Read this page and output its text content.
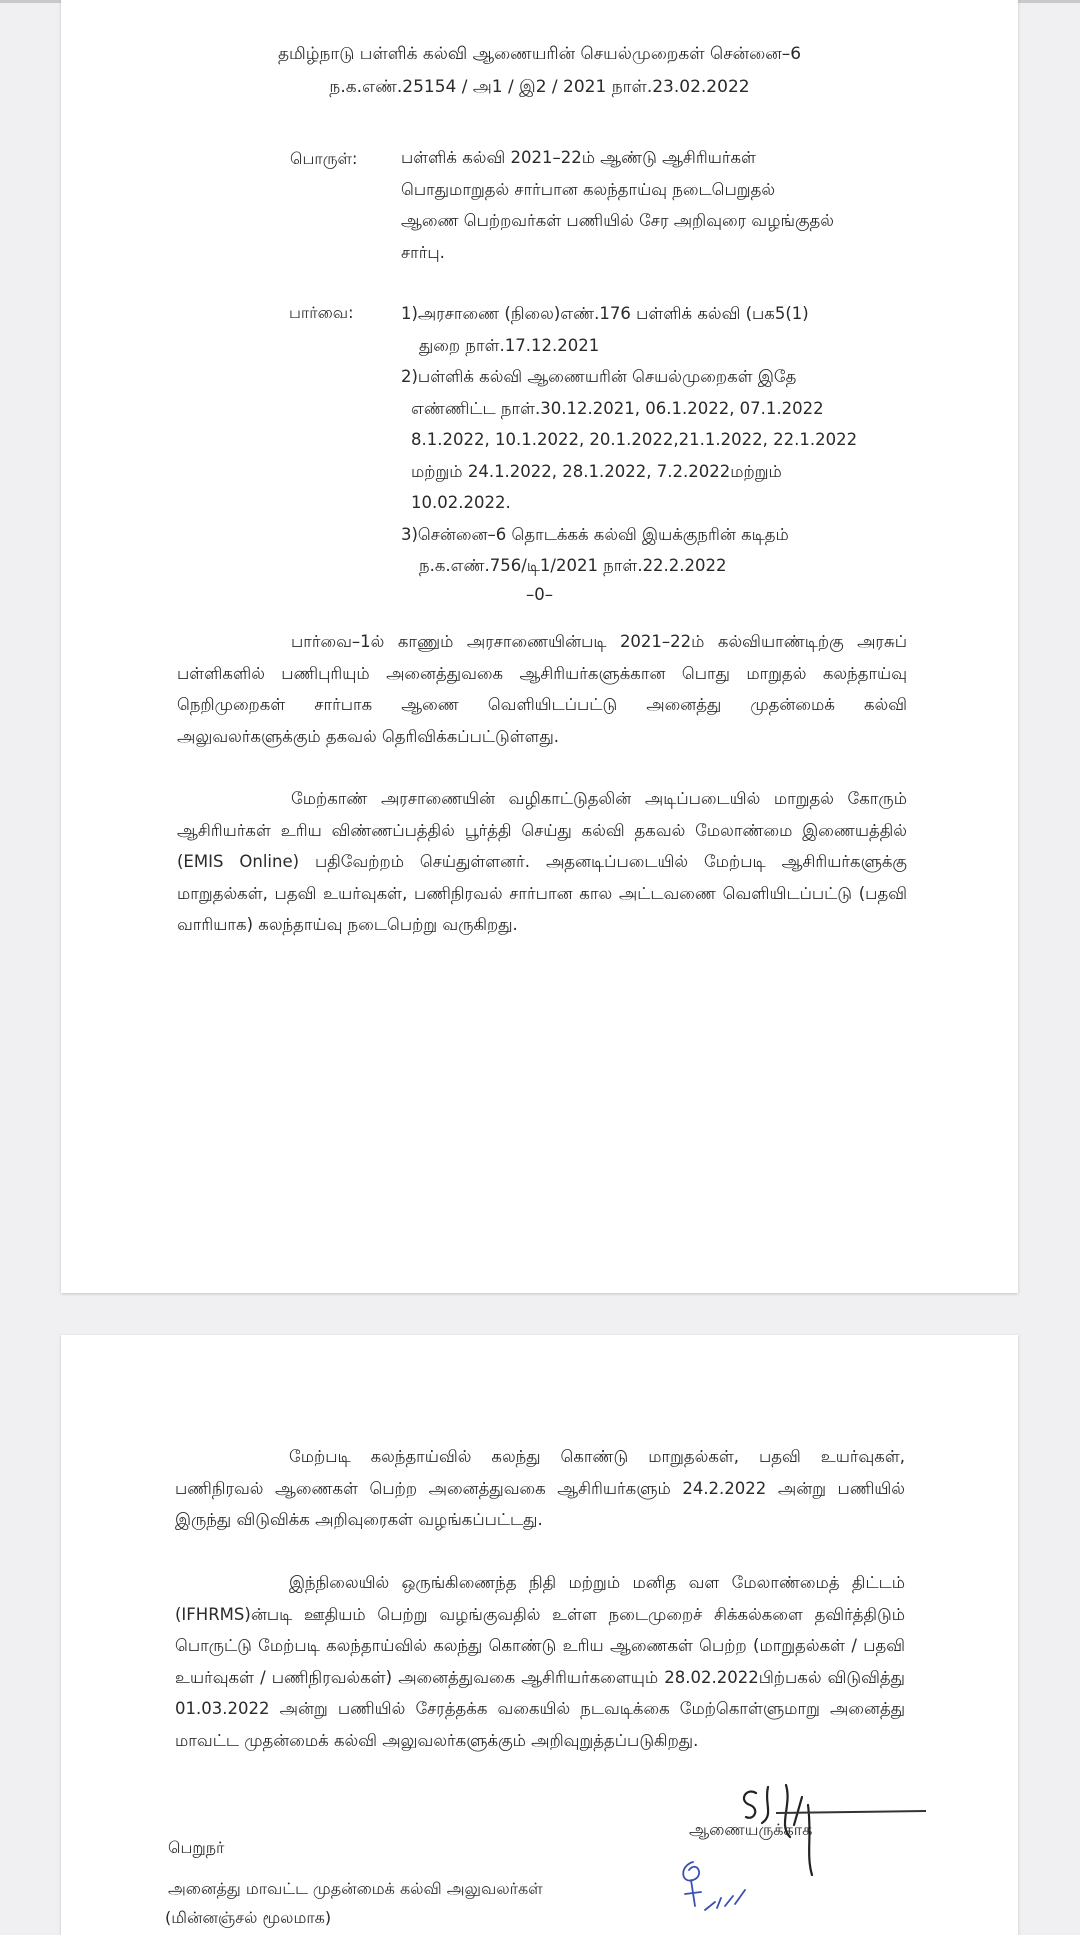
தமிழ்நாடு பள்ளிக் கல்வி ஆணையரின் செயல்முறைகள் சென்னை–6

ந.க.எண்.25154 / அ1 / இ2 / 2021 நாள்.23.02.2022

பொருள்:	பள்ளிக் கல்வி 2021–22ம் ஆண்டு ஆசிரியர்கள்
பொதுமாறுதல் சார்பான கலந்தாய்வு நடைபெறுதல்
ஆணை பெற்றவர்கள் பணியில் சேர அறிவுரை வழங்குதல்
சார்பு.
பார்வை:	1)அரசாணை (நிலை)எண்.176 பள்ளிக் கல்வி (பக5(1)
துறை நாள்.17.12.2021
2)பள்ளிக் கல்வி ஆணையரின் செயல்முறைகள் இதே
எண்ணிட்ட நாள்.30.12.2021, 06.1.2022, 07.1.2022
8.1.2022, 10.1.2022, 20.1.2022,21.1.2022, 22.1.2022
மற்றும் 24.1.2022, 28.1.2022, 7.2.2022மற்றும்
10.02.2022.
3)சென்னை–6 தொடக்கக் கல்வி இயக்குநரின் கடிதம்
ந.க.எண்.756/டி1/2021 நாள்.22.2.2022

–0–

பார்வை–1ல் காணும் அரசாணையின்படி 2021–22ம் கல்வியாண்டிற்கு அரசுப் பள்ளிகளில் பணிபுரியும் அனைத்துவகை ஆசிரியர்களுக்கான பொது மாறுதல் கலந்தாய்வு நெறிமுறைகள் சார்பாக ஆணை வெளியிடப்பட்டு அனைத்து முதன்மைக் கல்வி அலுவலர்களுக்கும் தகவல் தெரிவிக்கப்பட்டுள்ளது.

மேற்காண் அரசாணையின் வழிகாட்டுதலின் அடிப்படையில் மாறுதல் கோரும் ஆசிரியர்கள் உரிய விண்ணப்பத்தில் பூர்த்தி செய்து கல்வி தகவல் மேலாண்மை இணையத்தில் (EMIS Online) பதிவேற்றம் செய்துள்ளனர். அதனடிப்படையில் மேற்படி ஆசிரியர்களுக்கு மாறுதல்கள், பதவி உயர்வுகள், பணிநிரவல் சார்பான கால அட்டவணை வெளியிடப்பட்டு (பதவி வாரியாக) கலந்தாய்வு நடைபெற்று வருகிறது.

மேற்படி கலந்தாய்வில் கலந்து கொண்டு மாறுதல்கள், பதவி உயர்வுகள், பணிநிரவல் ஆணைகள் பெற்ற அனைத்துவகை ஆசிரியர்களும் 24.2.2022 அன்று பணியில் இருந்து விடுவிக்க அறிவுரைகள் வழங்கப்பட்டது.

இந்நிலையில் ஒருங்கிணைந்த நிதி மற்றும் மனித வள மேலாண்மைத் திட்டம் (IFHRMS)ன்படி ஊதியம் பெற்று வழங்குவதில் உள்ள நடைமுறைச் சிக்கல்களை தவிர்த்திடும் பொருட்டு மேற்படி கலந்தாய்வில் கலந்து கொண்டு உரிய ஆணைகள் பெற்ற (மாறுதல்கள் / பதவி உயர்வுகள் / பணிநிரவல்கள்) அனைத்துவகை ஆசிரியர்களையும் 28.02.2022பிற்பகல் விடுவித்து 01.03.2022 அன்று பணியில் சேரத்தக்க வகையில் நடவடிக்கை மேற்கொள்ளுமாறு அனைத்து மாவட்ட முதன்மைக் கல்வி அலுவலர்களுக்கும் அறிவுறுத்தப்படுகிறது.

ஆணையருக்காக
பெறுநர்
அனைத்து மாவட்ட முதன்மைக் கல்வி அலுவலர்கள்
(மின்னஞ்சல் மூலமாக)
